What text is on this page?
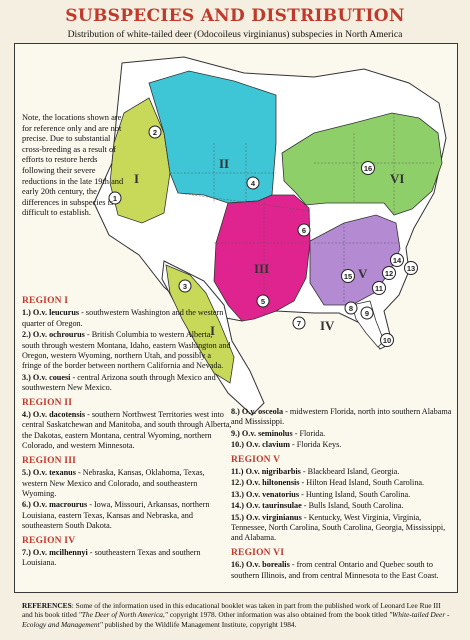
SUBSPECIES AND DISTRIBUTION
Distribution of white-tailed deer (Odocoileus virginianus) subspecies in North America
I
II
III
IV
V
VI
I
1
2
3
4
5
6
7
8
9
10
11
12
13
14
15
16
Note, the locations shown are for reference only and are not precise. Due to substantial cross-breeding as a result of efforts to restore herds following their severe reductions in the late 19th and early 20th century, the differences in subspecies is difficult to establish.
REGION I
1.) O.v. leucurus - southwestern Washington and the western quarter of Oregon.
2.) O.v. ochrourus - British Columbia to western Alberta, south through western Montana, Idaho, eastern Washington and Oregon, western Wyoming, northern Utah, and possibly a fringe of the border between northern California and Nevada.
3.) O.v. couesi - central Arizona south through Mexico and southwestern New Mexico.
REGION II
4.) O.v. dacotensis - southern Northwest Territories west into central Saskatchewan and Manitoba, and south through Alberta, the Dakotas, eastern Montana, central Wyoming, northern Colorado, and western Minnesota.
REGION III
5.) O.v. texanus - Nebraska, Kansas, Oklahoma, Texas, western New Mexico and Colorado, and southeastern Wyoming.
6.) O.v. macrourus - Iowa, Missouri, Arkansas, northern Louisiana, eastern Texas, Kansas and Nebraska, and southeastern South Dakota.
REGION IV
7.) O.v. mcilhennyi - southeastern Texas and southern Louisiana.
8.) O.v. osceola - midwestern Florida, north into southern Alabama and Mississippi.
9.) O.v. seminolus - Florida.
10.) O.v. clavium - Florida Keys.
REGION V
11.) O.v. nigribarbis - Blackbeard Island, Georgia.
12.) O.v. hiltonensis - Hilton Head Island, South Carolina.
13.) O.v. venatorius - Hunting Island, South Carolina.
14.) O.v. taurinsulae - Bulls Island, South Carolina.
15.) O.v. virginianus - Kentucky, West Virginia, Virginia, Tennessee, North Carolina, South Carolina, Georgia, Mississippi, and Alabama.
REGION VI
16.) O.v. borealis - from central Ontario and Quebec south to southern Illinois, and from central Minnesota to the East Coast.
REFERENCES: Some of the information used in this educational booklet was taken in part from the published work of Leonard Lee Rue III and his book titled "The Deer of North America," copyright 1978. Other information was also obtained from the book titled "White-tailed Deer - Ecology and Management" published by the Wildlife Management Institute, copyright 1984.
